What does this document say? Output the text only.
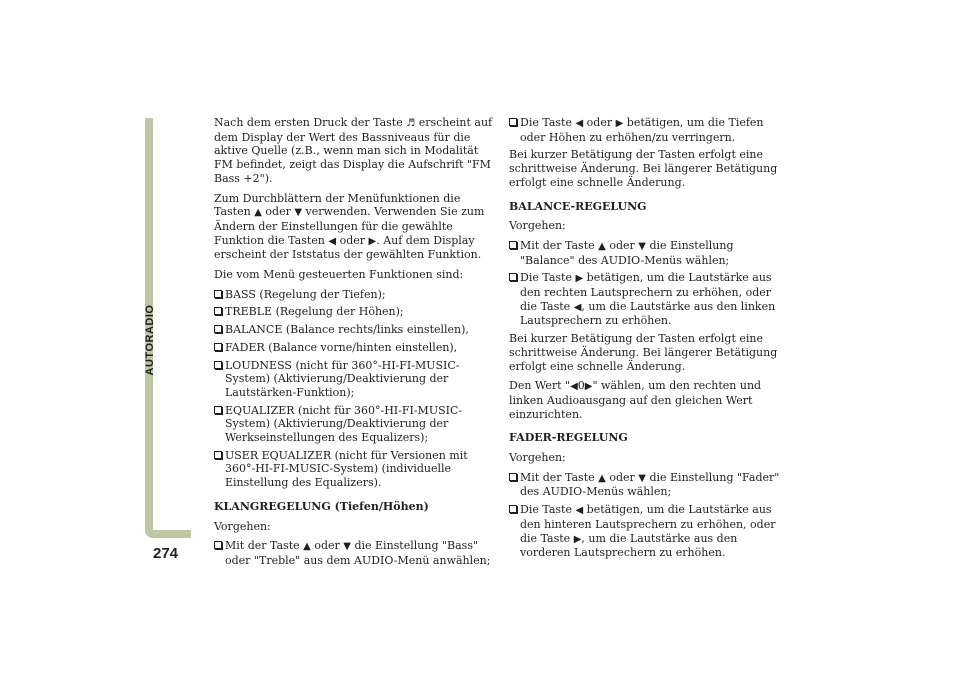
AUTORADIO
274

Nach dem ersten Druck der Taste ♬ erscheint auf dem Display der Wert des Bassniveaus für die aktive Quelle (z.B., wenn man sich in Modalität FM befindet, zeigt das Display die Aufschrift "FM Bass +2").

Zum Durchblättern der Menüfunktionen die Tasten ▲ oder ▼ verwenden. Verwenden Sie zum Ändern der Einstellungen für die gewählte Funktion die Tasten ◀ oder ▶. Auf dem Display erscheint der Iststatus der gewählten Funktion.

Die vom Menü gesteuerten Funktionen sind:

BASS (Regelung der Tiefen);
TREBLE (Regelung der Höhen);
BALANCE (Balance rechts/links einstellen),
FADER (Balance vorne/hinten einstellen),
LOUDNESS (nicht für 360°-HI-FI-MUSIC-System) (Aktivierung/Deaktivierung der Lautstärken-Funktion);
EQUALIZER (nicht für 360°-HI-FI-MUSIC-System) (Aktivierung/Deaktivierung der Werkseinstellungen des Equalizers);
USER EQUALIZER (nicht für Versionen mit 360°-HI-FI-MUSIC-System) (individuelle Einstellung des Equalizers).
KLANGREGELUNG (Tiefen/Höhen)

Vorgehen:

Mit der Taste ▲ oder ▼ die Einstellung "Bass" oder "Treble" aus dem AUDIO-Menü anwählen;
Die Taste ◀ oder ▶ betätigen, um die Tiefen oder Höhen zu erhöhen/zu verringern.

Bei kurzer Betätigung der Tasten erfolgt eine schrittweise Änderung. Bei längerer Betätigung erfolgt eine schnelle Änderung.

BALANCE-REGELUNG

Vorgehen:

Mit der Taste ▲ oder ▼ die Einstellung "Balance" des AUDIO-Menüs wählen;
Die Taste ▶ betätigen, um die Lautstärke aus den rechten Lautsprechern zu erhöhen, oder die Taste ◀, um die Lautstärke aus den linken Lautsprechern zu erhöhen.

Bei kurzer Betätigung der Tasten erfolgt eine schrittweise Änderung. Bei längerer Betätigung erfolgt eine schnelle Änderung.

Den Wert "◀0▶" wählen, um den rechten und linken Audioausgang auf den gleichen Wert einzurichten.

FADER-REGELUNG

Vorgehen:

Mit der Taste ▲ oder ▼ die Einstellung "Fader" des AUDIO-Menüs wählen;
Die Taste ◀ betätigen, um die Lautstärke aus den hinteren Lautsprechern zu erhöhen, oder die Taste ▶, um die Lautstärke aus den vorderen Lautsprechern zu erhöhen.
